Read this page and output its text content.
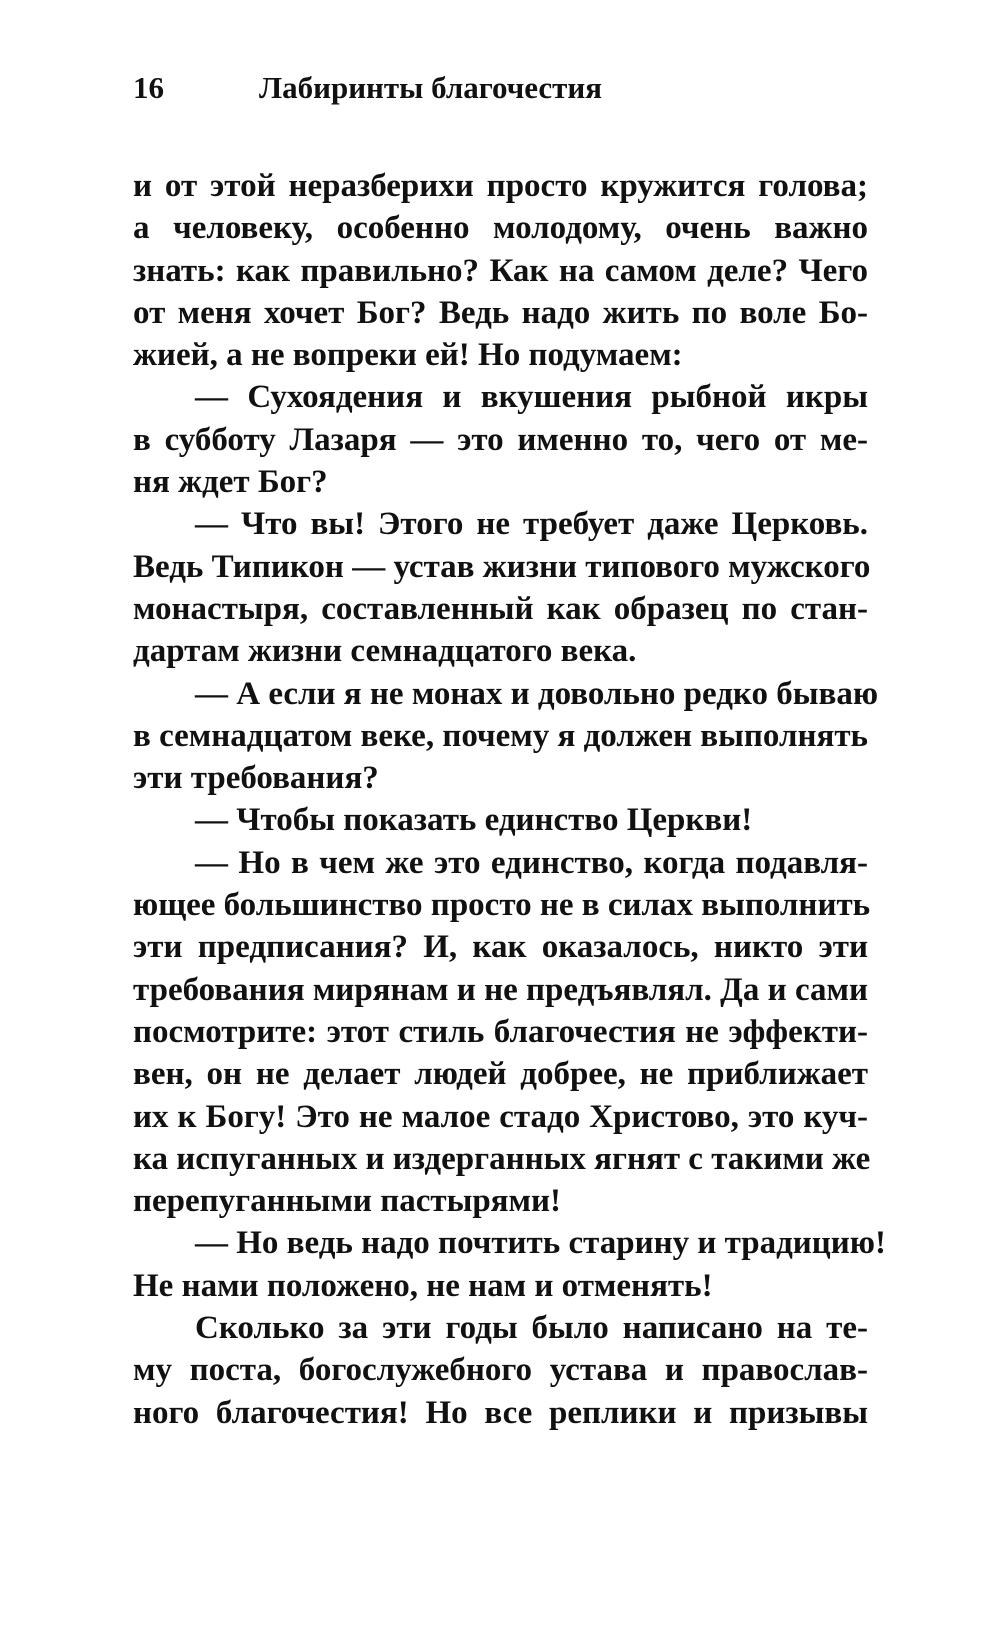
16	Лабиринты благочестия
и от этой неразберихи просто кружится голова;
а человеку, особенно молодому, очень важно
знать: как правильно? Как на самом деле? Чего
от меня хочет Бог? Ведь надо жить по воле Бо-
жией, а не вопреки ей! Но подумаем:
— Сухоядения и вкушения рыбной икры
в субботу Лазаря — это именно то, чего от ме-
ня ждет Бог?
— Что вы! Этого не требует даже Церковь.
Ведь Типикон — устав жизни типового мужского
монастыря, составленный как образец по стан-
дартам жизни семнадцатого века.
— А если я не монах и довольно редко бываю
в семнадцатом веке, почему я должен выполнять
эти требования?
— Чтобы показать единство Церкви!
— Но в чем же это единство, когда подавля-
ющее большинство просто не в силах выполнить
эти предписания? И, как оказалось, никто эти
требования мирянам и не предъявлял. Да и сами
посмотрите: этот стиль благочестия не эффекти-
вен, он не делает людей добрее, не приближает
их к Богу! Это не малое стадо Христово, это куч-
ка испуганных и издерганных ягнят с такими же
перепуганными пастырями!
— Но ведь надо почтить старину и традицию!
Не нами положено, не нам и отменять!
Сколько за эти годы было написано на те-
му поста, богослужебного устава и православ-
ного благочестия! Но все реплики и призывы
